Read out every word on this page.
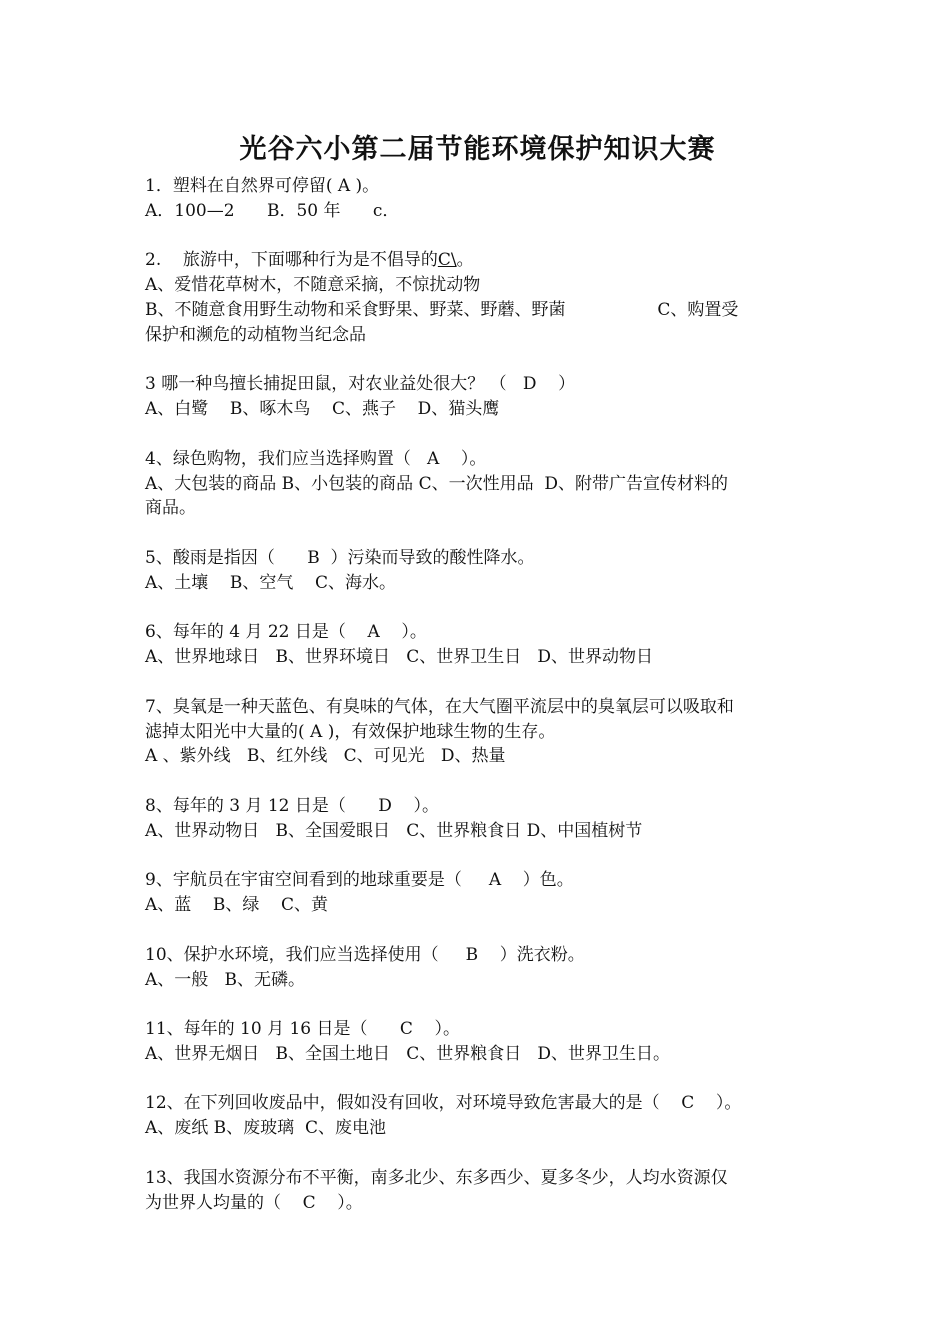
光谷六小第二届节能环境保护知识大赛

1．塑料在自然界可停留( A )。

A．100—2      B．50 年      c．

2.    旅游中，下面哪种行为是不倡导的C\。

A、爱惜花草树木，不随意采摘，不惊扰动物

B、不随意食用野生动物和采食野果、野菜、野蘑、野菌                 C、购置受

保护和濒危的动植物当纪念品

3 哪一种鸟擅长捕捉田鼠，对农业益处很大？ （   D    ）

A、白鹭    B、啄木鸟    C、燕子    D、猫头鹰

4、绿色购物，我们应当选择购置（   A    ）。

A、大包装的商品 B、小包装的商品 C、一次性用品  D、附带广告宣传材料的

商品。

5、酸雨是指因（      B  ）污染而导致的酸性降水。

A、土壤    B、空气    C、海水。

6、每年的 4 月 22 日是（    A    ）。

A、世界地球日   B、世界环境日   C、世界卫生日   D、世界动物日

7、臭氧是一种天蓝色、有臭味的气体，在大气圈平流层中的臭氧层可以吸取和

滤掉太阳光中大量的( A )，有效保护地球生物的生存。

A 、紫外线   B、红外线   C、可见光   D、热量

8、每年的 3 月 12 日是（      D    ）。

A、世界动物日   B、全国爱眼日   C、世界粮食日 D、中国植树节

9、宇航员在宇宙空间看到的地球重要是（     A    ）色。

A、蓝    B、绿    C、黄

10、保护水环境，我们应当选择使用（     B    ）洗衣粉。

A、一般   B、无磷。

11、每年的 10 月 16 日是（      C    ）。

A、世界无烟日   B、全国土地日   C、世界粮食日   D、世界卫生日。

12、在下列回收废品中，假如没有回收，对环境导致危害最大的是（    C    ）。

A、废纸 B、废玻璃  C、废电池

13、我国水资源分布不平衡，南多北少、东多西少、夏多冬少，人均水资源仅

为世界人均量的（    C    ）。
